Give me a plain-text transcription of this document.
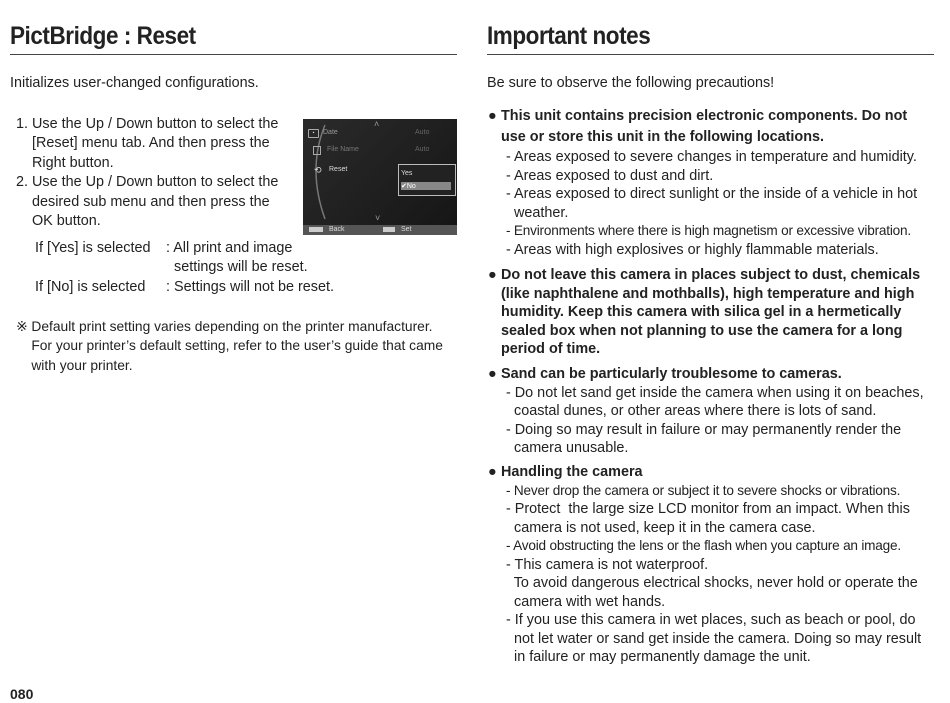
PictBridge : Reset
Initializes user-changed configurations.
1. Use the Up / Down button to select the
[Reset] menu tab. And then press the
Right button.
2. Use the Up / Down button to select the
desired sub menu and then press the
OK button.
If [Yes] is selected : All print and image
settings will be reset.
If [No] is selected : Settings will not be reset.
※ Default print setting varies depending on the printer manufacturer.
For your printer’s default setting, refer to the user’s guide that came
with your printer.
˄
▪	Date	Auto
File Name	Auto
⟲ Reset
Yes
✔No
˅
Back	Set
Important notes
Be sure to observe the following precautions!
● This unit contains precision electronic components. Do not
use or store this unit in the following locations.
- Areas exposed to severe changes in temperature and humidity.
- Areas exposed to dust and dirt.
- Areas exposed to direct sunlight or the inside of a vehicle in hot
weather.
- Environments where there is high magnetism or excessive vibration.
- Areas with high explosives or highly flammable materials.
● Do not leave this camera in places subject to dust, chemicals
(like naphthalene and mothballs), high temperature and high
humidity. Keep this camera with silica gel in a hermetically
sealed box when not planning to use the camera for a long
period of time.
● Sand can be particularly troublesome to cameras.
- Do not let sand get inside the camera when using it on beaches,
coastal dunes, or other areas where there is lots of sand.
- Doing so may result in failure or may permanently render the
camera unusable.
● Handling the camera
- Never drop the camera or subject it to severe shocks or vibrations.
- Protect  the large size LCD monitor from an impact. When this
camera is not used, keep it in the camera case.
- Avoid obstructing the lens or the flash when you capture an image.
- This camera is not waterproof.
To avoid dangerous electrical shocks, never hold or operate the
camera with wet hands.
- If you use this camera in wet places, such as beach or pool, do
not let water or sand get inside the camera. Doing so may result
in failure or may permanently damage the unit.
080
